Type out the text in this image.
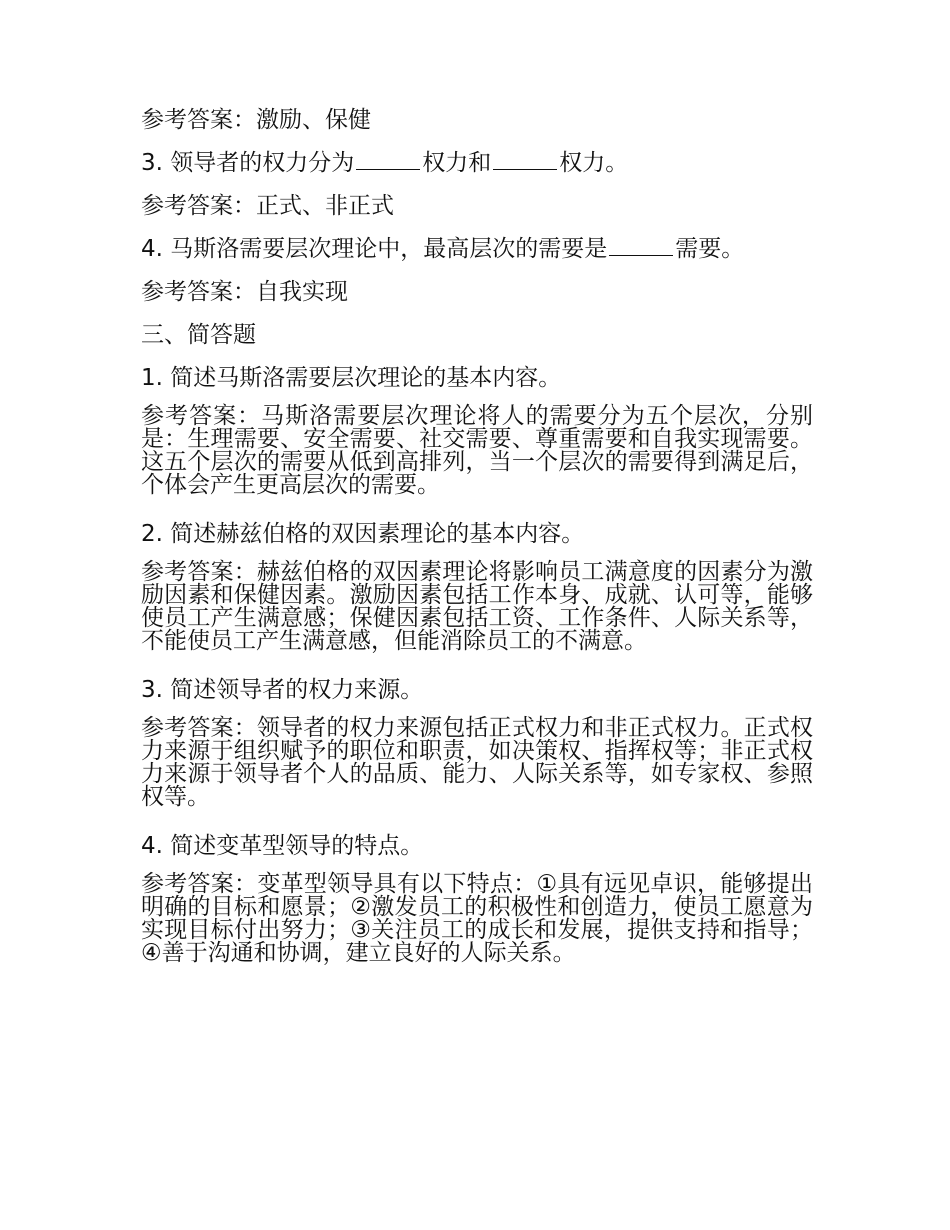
参考答案：激励、保健
3. 领导者的权力分为	权力和	权力。
参考答案：正式、非正式
4. 马斯洛需要层次理论中，最高层次的需要是	需要。
参考答案：自我实现
三、简答题
1. 简述马斯洛需要层次理论的基本内容。
参考答案：马斯洛需要层次理论将人的需要分为五个层次，分别是：生理需要、安全需要、社交需要、尊重需要和自我实现需要。这五个层次的需要从低到高排列，当一个层次的需要得到满足后，个体会产生更高层次的需要。
2. 简述赫兹伯格的双因素理论的基本内容。
参考答案：赫兹伯格的双因素理论将影响员工满意度的因素分为激励因素和保健因素。激励因素包括工作本身、成就、认可等，能够使员工产生满意感；保健因素包括工资、工作条件、人际关系等，不能使员工产生满意感，但能消除员工的不满意。
3. 简述领导者的权力来源。
参考答案：领导者的权力来源包括正式权力和非正式权力。正式权力来源于组织赋予的职位和职责，如决策权、指挥权等；非正式权力来源于领导者个人的品质、能力、人际关系等，如专家权、参照权等。
4. 简述变革型领导的特点。
参考答案：变革型领导具有以下特点：①具有远见卓识，能够提出明确的目标和愿景；②激发员工的积极性和创造力，使员工愿意为实现目标付出努力；③关注员工的成长和发展，提供支持和指导；④善于沟通和协调，建立良好的人际关系。
